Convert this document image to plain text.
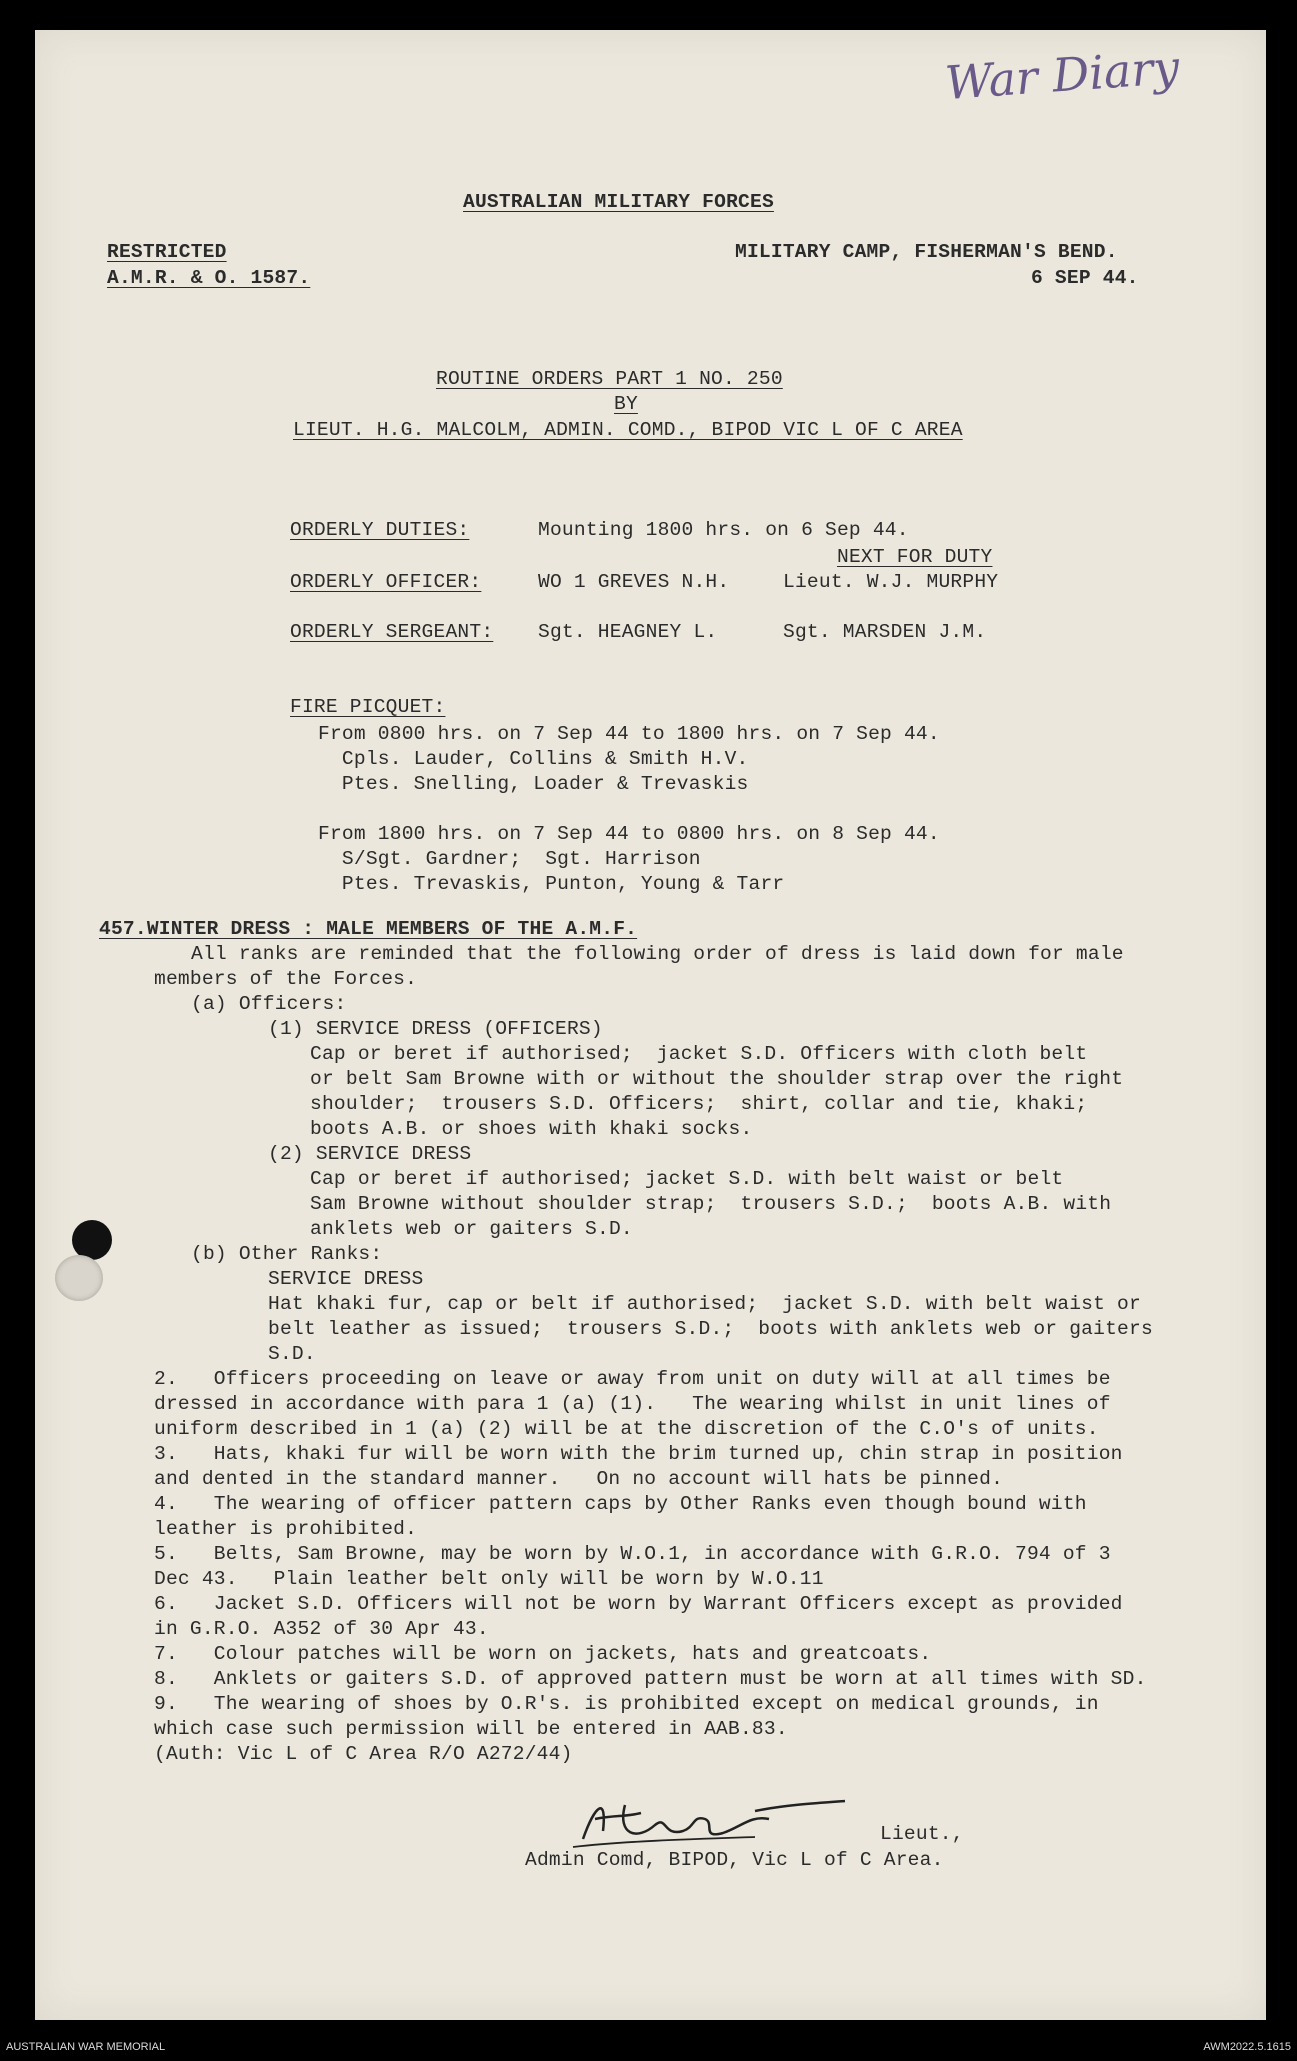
War Diary
AUSTRALIAN MILITARY FORCES
RESTRICTED
A.M.R. & O. 1587.
MILITARY CAMP, FISHERMAN'S BEND.
6 SEP 44.
ROUTINE ORDERS PART 1 NO. 250
BY
LIEUT. H.G. MALCOLM, ADMIN. COMD., BIPOD VIC L OF C AREA
ORDERLY DUTIES:	Mounting 1800 hrs. on 6 Sep 44.
NEXT FOR DUTY
ORDERLY OFFICER:	WO 1 GREVES N.H.	Lieut. W.J. MURPHY
ORDERLY SERGEANT: Sgt. HEAGNEY L.	Sgt. MARSDEN J.M.
FIRE PICQUET:
From 0800 hrs. on 7 Sep 44 to 1800 hrs. on 7 Sep 44.
Cpls. Lauder, Collins & Smith H.V.
Ptes. Snelling, Loader & Trevaskis
From 1800 hrs. on 7 Sep 44 to 0800 hrs. on 8 Sep 44.
S/Sgt. Gardner;  Sgt. Harrison
Ptes. Trevaskis, Punton, Young & Tarr
457.WINTER DRESS : MALE MEMBERS OF THE A.M.F.
All ranks are reminded that the following order of dress is laid down for male
members of the Forces.
(a) Officers:
(1) SERVICE DRESS (OFFICERS)
Cap or beret if authorised;  jacket S.D. Officers with cloth belt
or belt Sam Browne with or without the shoulder strap over the right
shoulder;  trousers S.D. Officers;  shirt, collar and tie, khaki;
boots A.B. or shoes with khaki socks.
(2) SERVICE DRESS
Cap or beret if authorised; jacket S.D. with belt waist or belt
Sam Browne without shoulder strap;  trousers S.D.;  boots A.B. with
anklets web or gaiters S.D.
(b) Other Ranks:
SERVICE DRESS
Hat khaki fur, cap or belt if authorised;  jacket S.D. with belt waist or
belt leather as issued;  trousers S.D.;  boots with anklets web or gaiters
S.D.
2.   Officers proceeding on leave or away from unit on duty will at all times be
dressed in accordance with para 1 (a) (1).   The wearing whilst in unit lines of
uniform described in 1 (a) (2) will be at the discretion of the C.O's of units.
3.   Hats, khaki fur will be worn with the brim turned up, chin strap in position
and dented in the standard manner.   On no account will hats be pinned.
4.   The wearing of officer pattern caps by Other Ranks even though bound with
leather is prohibited.
5.   Belts, Sam Browne, may be worn by W.O.1, in accordance with G.R.O. 794 of 3
Dec 43.   Plain leather belt only will be worn by W.O.11
6.   Jacket S.D. Officers will not be worn by Warrant Officers except as provided
in G.R.O. A352 of 30 Apr 43.
7.   Colour patches will be worn on jackets, hats and greatcoats.
8.   Anklets or gaiters S.D. of approved pattern must be worn at all times with SD.
9.   The wearing of shoes by O.R's. is prohibited except on medical grounds, in
which case such permission will be entered in AAB.83.
(Auth: Vic L of C Area R/O A272/44)
Lieut.,
Admin Comd, BIPOD, Vic L of C Area.
AUSTRALIAN WAR MEMORIAL	AWM2022.5.1615
